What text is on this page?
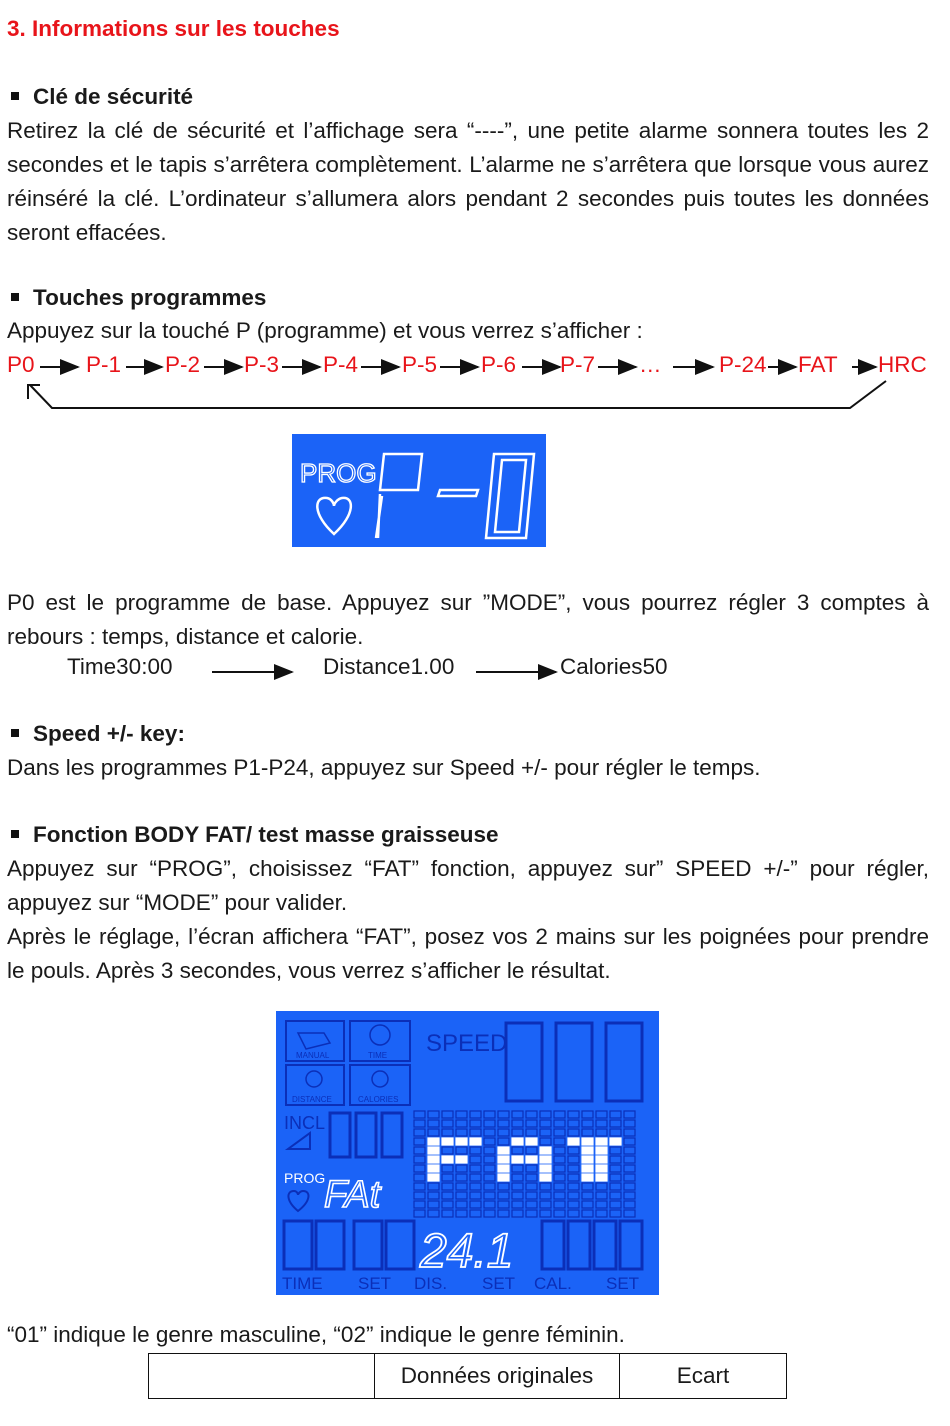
3. Informations sur les touches
Clé de sécurité
Retirez la clé de sécurité et l’affichage sera “----”, une petite alarme sonnera toutes les 2 secondes et le tapis s’arrêtera complètement. L’alarme ne s’arrêtera que lorsque vous aurez réinséré la clé. L’ordinateur s’allumera alors pendant 2 secondes puis toutes les données seront effacées.
Touches programmes
Appuyez sur la touché P (programme) et vous verrez s’afficher :
P0 P-1 P-2 P-3 P-4 P-5 P-6 P-7 …	P-24 FAT HRC
PROG
P0 est le programme de base. Appuyez sur ”MODE”, vous pourrez régler 3 comptes à rebours : temps, distance et calorie.
Time30:00	Distance1.00	Calories50
Speed +/- key:
Dans les programmes P1-P24, appuyez sur Speed +/- pour régler le temps.
Fonction BODY FAT/ test masse graisseuse
Appuyez sur “PROG”, choisissez “FAT” fonction, appuyez sur” SPEED +/-” pour régler, appuyez sur “MODE” pour valider.
Après le réglage, l’écran affichera “FAT”, posez vos 2 mains sur les poignées pour prendre le pouls. Après 3 secondes, vous verrez s’afficher le résultat.
MANUAL	TIME
DISTANCE	CALORIES
SPEED
INCL
PROG
FAt
24.1
TIME SET DIS. SET CAL. SET
“01” indique le genre masculine, “02” indique le genre féminin.
	Données originales	Ecart
